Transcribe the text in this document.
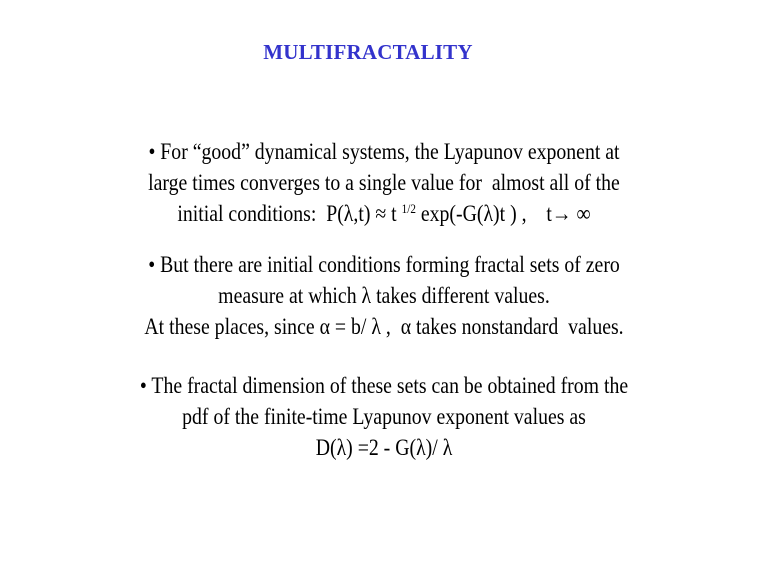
MULTIFRACTALITY
• For “good” dynamical systems, the Lyapunov exponent at
large times converges to a single value for  almost all of the
initial conditions:  P(λ,t) ≈ t $^{1/2}$ exp(-G(λ)t ) ,    t→ ∞
• But there are initial conditions forming fractal sets of zero
measure at which λ takes different values.
At these places, since α = b/ λ ,  α takes nonstandard  values.
• The fractal dimension of these sets can be obtained from the
pdf of the finite-time Lyapunov exponent values as
D(λ) =2 - G(λ)/ λ
